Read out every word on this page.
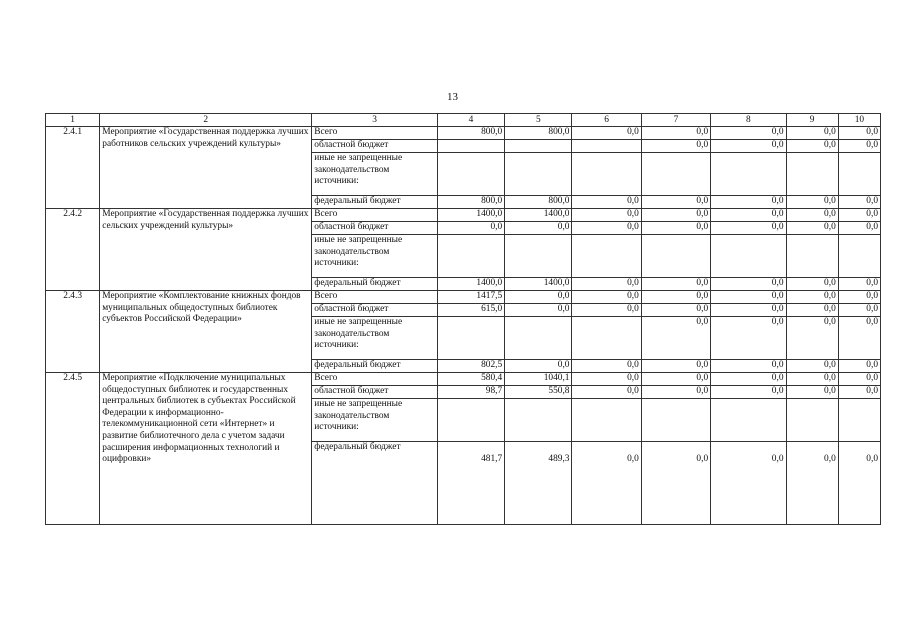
13
1	2	3	4	5	6	7	8	9	10
2.4.1	Мероприятие «Государственная поддержка лучших работников сельских учреждений культуры»	Всего	800,0	800,0	0,0	0,0	0,0	0,0	0,0
		областной бюджет				0,0	0,0	0,0	0,0
		иные не запрещенные законодательством источники:							
		федеральный бюджет	800,0	800,0	0,0	0,0	0,0	0,0	0,0
2.4.2	Мероприятие «Государственная поддержка лучших сельских учреждений культуры»	Всего	1400,0	1400,0	0,0	0,0	0,0	0,0	0,0
		областной бюджет	0,0	0,0	0,0	0,0	0,0	0,0	0,0
		иные не запрещенные законодательством источники:							
		федеральный бюджет	1400,0	1400,0	0,0	0,0	0,0	0,0	0,0
2.4.3	Мероприятие «Комплектование книжных фондов муниципальных общедоступных библиотек субъектов Российской Федерации»	Всего	1417,5	0,0	0,0	0,0	0,0	0,0	0,0
		областной бюджет	615,0	0,0	0,0	0,0	0,0	0,0	0,0
		иные не запрещенные законодательством источники:				0,0	0,0	0,0	0,0
		федеральный бюджет	802,5	0,0	0,0	0,0	0,0	0,0	0,0
2.4.5	Мероприятие «Подключение муниципальных общедоступных библиотек и государственных центральных библиотек в субъектах Российской Федерации к информационно-телекоммуникационной сети «Интернет» и развитие библиотечного дела с учетом задачи расширения информационных технологий и оцифровки»	Всего	580,4	1040,1	0,0	0,0	0,0	0,0	0,0
		областной бюджет	98,7	550,8	0,0	0,0	0,0	0,0	0,0
		иные не запрещенные законодательством источники:							
		федеральный бюджет	481,7	489,3	0,0	0,0	0,0	0,0	0,0
